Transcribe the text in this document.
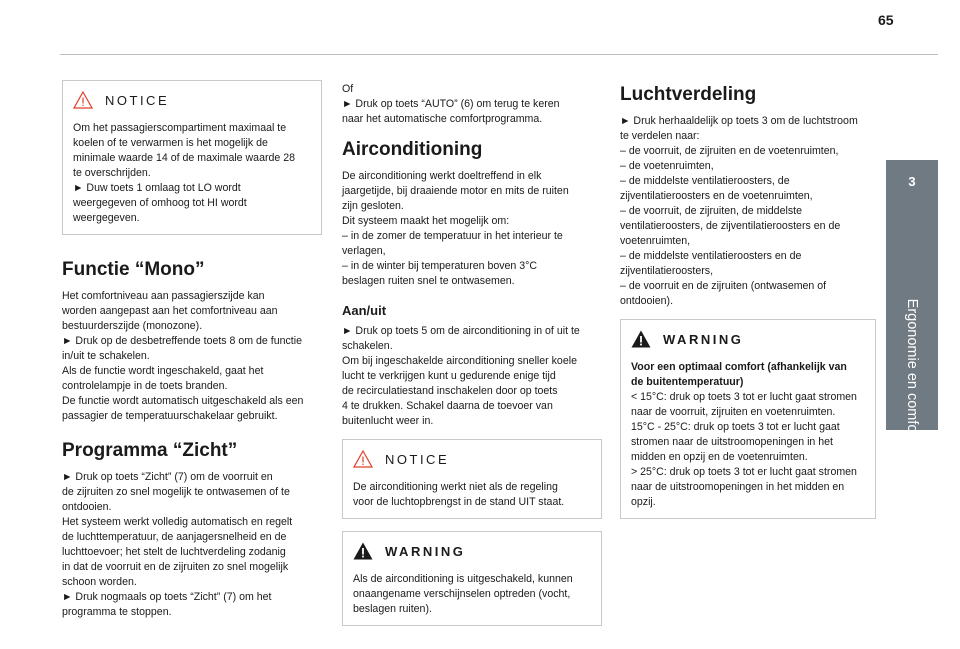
65
3
Ergonomie en comfort
NOTICE

Om het passagierscompartiment maximaal te

koelen of te verwarmen is het mogelijk de

minimale waarde 14 of de maximale waarde 28

te overschrijden.

► Duw toets 1 omlaag tot LO wordt

weergegeven of omhoog tot HI wordt

weergegeven.

Functie “Mono”

Het comfortniveau aan passagierszijde kan

worden aangepast aan het comfortniveau aan

bestuurderszijde (monozone).

► Druk op de desbetreffende toets 8 om de functie

in/uit te schakelen.

Als de functie wordt ingeschakeld, gaat het

controlelampje in de toets branden.

De functie wordt automatisch uitgeschakeld als een

passagier de temperatuurschakelaar gebruikt.

Programma “Zicht”

► Druk op toets “Zicht” (7) om de voorruit en

de zijruiten zo snel mogelijk te ontwasemen of te

ontdooien.

Het systeem werkt volledig automatisch en regelt

de luchttemperatuur, de aanjagersnelheid en de

luchttoevoer; het stelt de luchtverdeling zodanig

in dat de voorruit en de zijruiten zo snel mogelijk

schoon worden.

► Druk nogmaals op toets “Zicht” (7) om het

programma te stoppen.

Of

► Druk op toets “AUTO” (6) om terug te keren

naar het automatische comfortprogramma.

Airconditioning

De airconditioning werkt doeltreffend in elk

jaargetijde, bij draaiende motor en mits de ruiten

zijn gesloten.

Dit systeem maakt het mogelijk om:

– in de zomer de temperatuur in het interieur te

verlagen,

– in de winter bij temperaturen boven 3°C

beslagen ruiten snel te ontwasemen.

Aan/uit

► Druk op toets 5 om de airconditioning in of uit te

schakelen.

Om bij ingeschakelde airconditioning sneller koele

lucht te verkrijgen kunt u gedurende enige tijd

de recirculatiestand inschakelen door op toets

4 te drukken. Schakel daarna de toevoer van

buitenlucht weer in.

NOTICE

De airconditioning werkt niet als de regeling

voor de luchtopbrengst in de stand UIT staat.

WARNING

Als de airconditioning is uitgeschakeld, kunnen

onaangename verschijnselen optreden (vocht,

beslagen ruiten).

Luchtverdeling

► Druk herhaaldelijk op toets 3 om de luchtstroom

te verdelen naar:

– de voorruit, de zijruiten en de voetenruimten,

– de voetenruimten,

– de middelste ventilatieroosters, de

zijventilatieroosters en de voetenruimten,

– de voorruit, de zijruiten, de middelste

ventilatieroosters, de zijventilatieroosters en de

voetenruimten,

– de middelste ventilatieroosters en de

zijventilatieroosters,

– de voorruit en de zijruiten (ontwasemen of

ontdooien).

WARNING

Voor een optimaal comfort (afhankelijk van

de buitentemperatuur)

< 15°C: druk op toets 3 tot er lucht gaat stromen

naar de voorruit, zijruiten en voetenruimten.

15°C - 25°C: druk op toets 3 tot er lucht gaat

stromen naar de uitstroomopeningen in het

midden en opzij en de voetenruimten.

> 25°C: druk op toets 3 tot er lucht gaat stromen

naar de uitstroomopeningen in het midden en

opzij.
